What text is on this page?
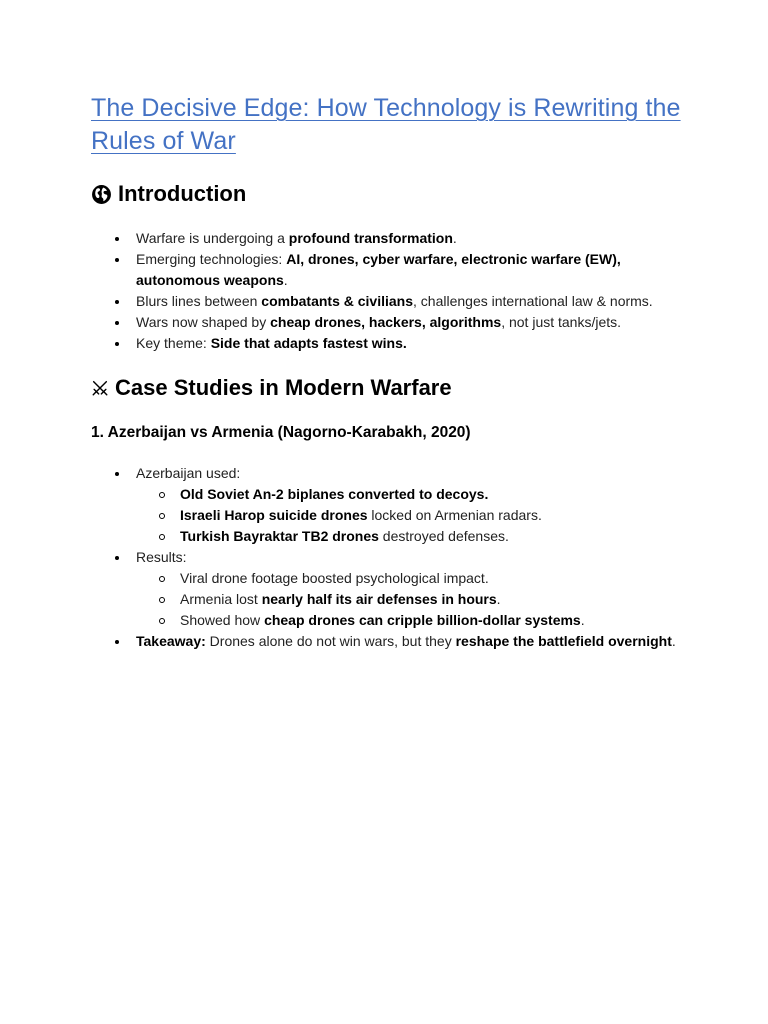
The Decisive Edge: How Technology is Rewriting the Rules of War
Introduction
Warfare is undergoing a profound transformation.
Emerging technologies: AI, drones, cyber warfare, electronic warfare (EW), autonomous weapons.
Blurs lines between combatants & civilians, challenges international law & norms.
Wars now shaped by cheap drones, hackers, algorithms, not just tanks/jets.
Key theme: Side that adapts fastest wins.
Case Studies in Modern Warfare
1. Azerbaijan vs Armenia (Nagorno-Karabakh, 2020)
Azerbaijan used:
Old Soviet An-2 biplanes converted to decoys.
Israeli Harop suicide drones locked on Armenian radars.
Turkish Bayraktar TB2 drones destroyed defenses.
Results:
Viral drone footage boosted psychological impact.
Armenia lost nearly half its air defenses in hours.
Showed how cheap drones can cripple billion-dollar systems.
Takeaway: Drones alone do not win wars, but they reshape the battlefield overnight.
